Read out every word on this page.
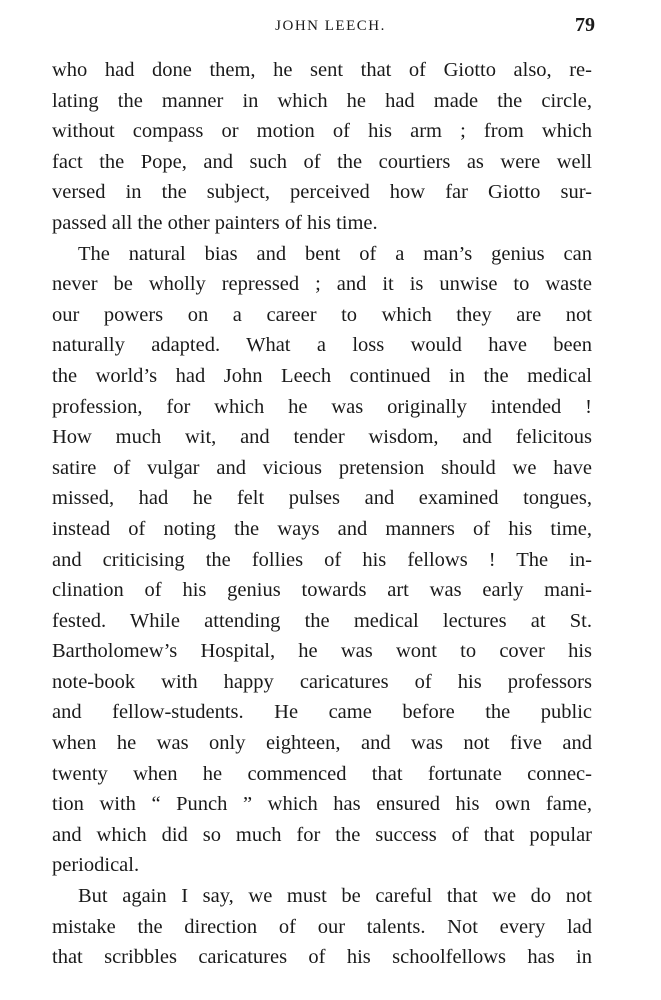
JOHN LEECH.	79
who had done them, he sent that of Giotto also, re-
lating the manner in which he had made the circle,
without compass or motion of his arm ; from which
fact the Pope, and such of the courtiers as were well
versed in the subject, perceived how far Giotto sur-
passed all the other painters of his time.
The natural bias and bent of a man’s genius can
never be wholly repressed ; and it is unwise to waste
our powers on a career to which they are not
naturally adapted. What a loss would have been
the world’s had John Leech continued in the medical
profession, for which he was originally intended !
How much wit, and tender wisdom, and felicitous
satire of vulgar and vicious pretension should we have
missed, had he felt pulses and examined tongues,
instead of noting the ways and manners of his time,
and criticising the follies of his fellows ! The in-
clination of his genius towards art was early mani-
fested. While attending the medical lectures at St.
Bartholomew’s Hospital, he was wont to cover his
note-book with happy caricatures of his professors
and fellow-students. He came before the public
when he was only eighteen, and was not five and
twenty when he commenced that fortunate connec-
tion with “ Punch ” which has ensured his own fame,
and which did so much for the success of that popular
periodical.
But again I say, we must be careful that we do not
mistake the direction of our talents. Not every lad
that scribbles caricatures of his schoolfellows has in
